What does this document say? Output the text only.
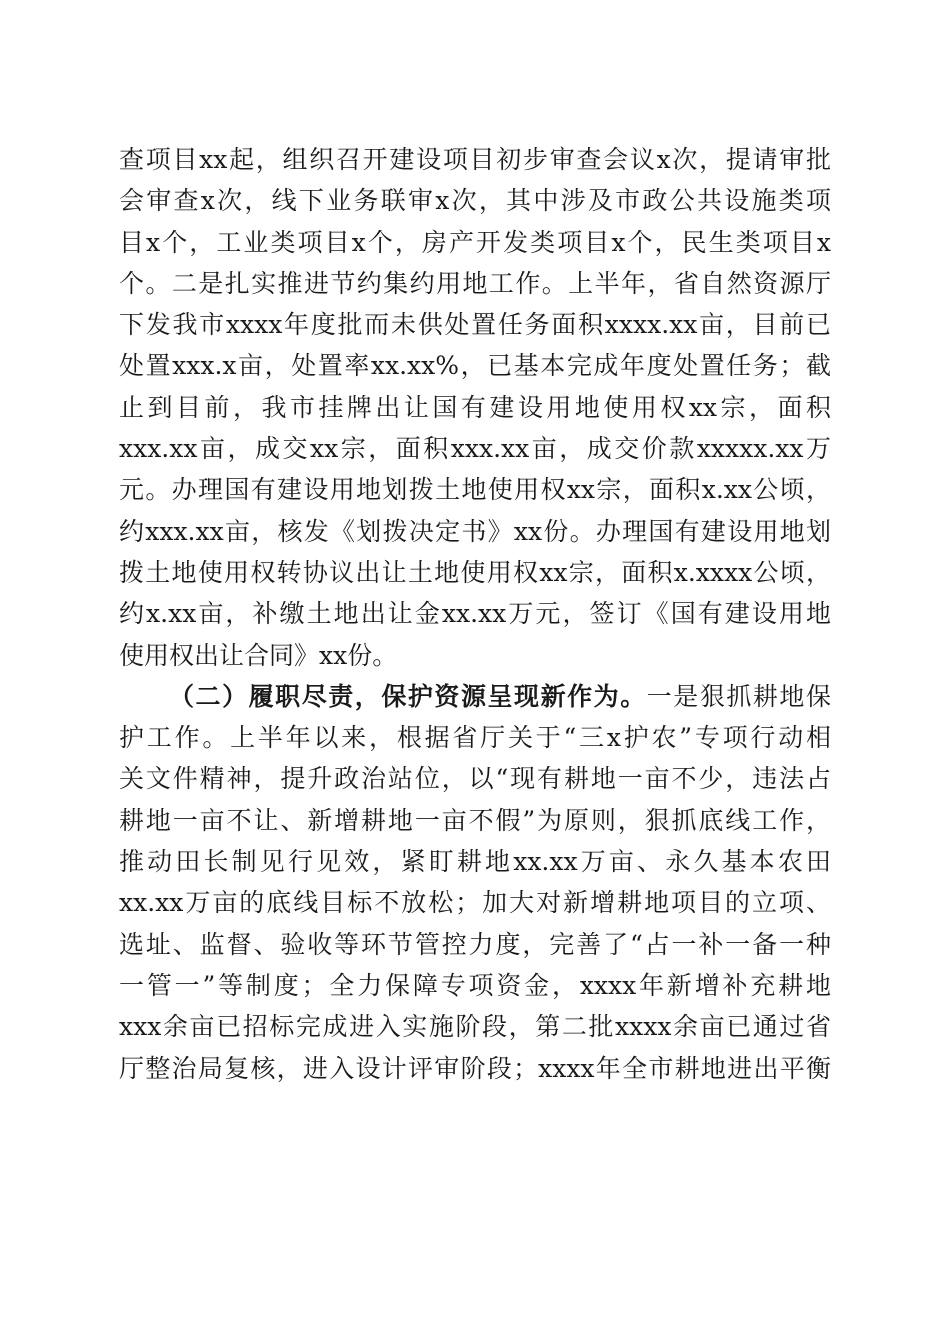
查项目xx起，组织召开建设项目初步审查会议x次，提请审批
会审查x次，线下业务联审x次，其中涉及市政公共设施类项
目x个，工业类项目x个，房产开发类项目x个，民生类项目x
个。二是扎实推进节约集约用地工作。上半年，省自然资源厅
下发我市xxxx年度批而未供处置任务面积xxxx.xx亩，目前已
处置xxx.x亩，处置率xx.xx%，已基本完成年度处置任务；截
止到目前，我市挂牌出让国有建设用地使用权xx宗，面积
xxx.xx亩，成交xx宗，面积xxx.xx亩，成交价款xxxxx.xx万
元。办理国有建设用地划拨土地使用权xx宗，面积x.xx公顷，
约xxx.xx亩，核发《划拨决定书》xx份。办理国有建设用地划
拨土地使用权转协议出让土地使用权xx宗，面积x.xxxx公顷，
约x.xx亩，补缴土地出让金xx.xx万元，签订《国有建设用地
使用权出让合同》xx份。
（二）履职尽责，保护资源呈现新作为。一是狠抓耕地保
护工作。上半年以来，根据省厅关于“三x护农”专项行动相
关文件精神，提升政治站位，以“现有耕地一亩不少，违法占
耕地一亩不让、新增耕地一亩不假”为原则，狠抓底线工作，
推动田长制见行见效，紧盯耕地xx.xx万亩、永久基本农田
xx.xx万亩的底线目标不放松；加大对新增耕地项目的立项、
选址、监督、验收等环节管控力度，完善了“占一补一备一种
一管一”等制度；全力保障专项资金，xxxx年新增补充耕地
xxx余亩已招标完成进入实施阶段，第二批xxxx余亩已通过省
厅整治局复核，进入设计评审阶段；xxxx年全市耕地进出平衡
